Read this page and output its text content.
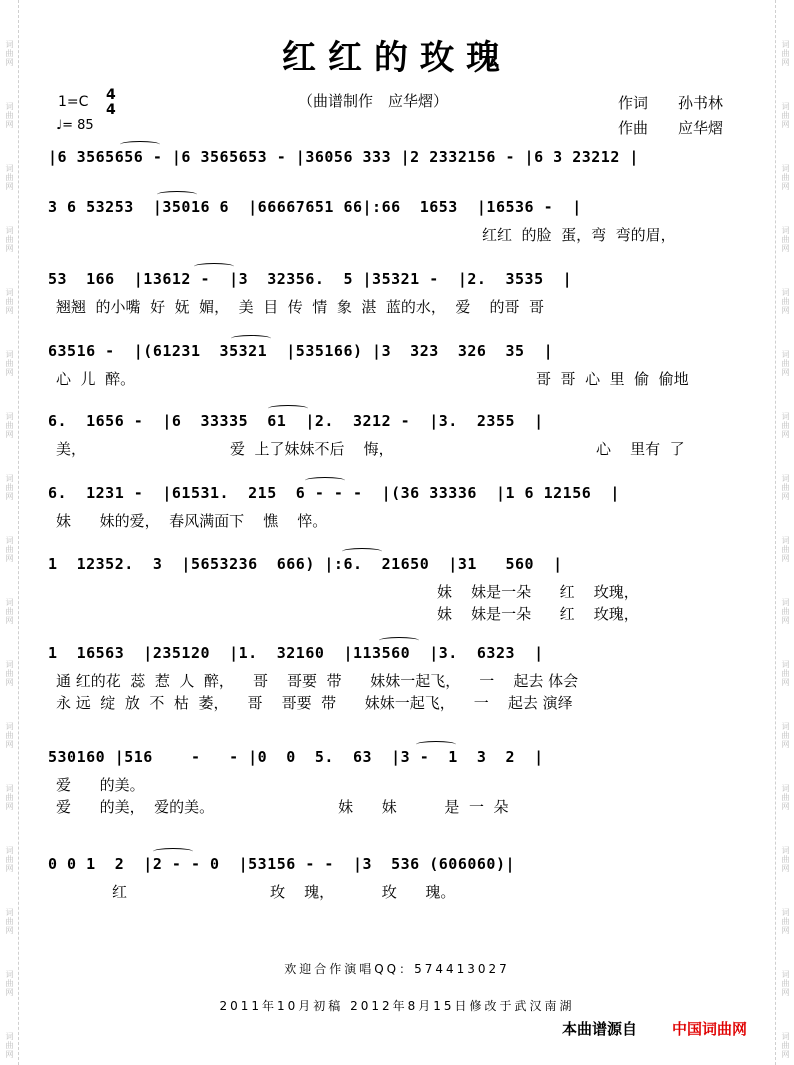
词曲网	词曲网
词曲网	词曲网
词曲网	词曲网
词曲网	词曲网
词曲网	词曲网
词曲网	词曲网
词曲网	词曲网
词曲网	词曲网
词曲网	词曲网
词曲网	词曲网
词曲网	词曲网
词曲网	词曲网
词曲网	词曲网
词曲网	词曲网
词曲网	词曲网
词曲网	词曲网
词曲网	词曲网
红红的玫瑰
（曲谱制作　应华熠）
1=C 4
4
♩= 85
作词 孙书林
作曲 应华熠
|6 3565656 - |6 3565653 - |36056 333 |2 2332156 - |6 3 23212 |
3 6 53253  |35016 6  |66667651 66|:66  1653  |16536 -  |
红红  的脸  蛋，弯  弯的眉，
53  166  |13612 -  |3  32356.  5 |35321 -  |2.  3535  |
翘翘  的小嘴  好  妩  媚，  美  目  传  情  象  湛  蓝的水，  爱    的哥  哥
63516 -  |(61231  35321  |535166) |3  323  326  35  |
心  儿  醉。	哥  哥  心  里  偷  偷地
6.  1656 -  |6  33335  61  |2.  3212 -  |3.  2355  |
美，	爱  上了妹妹不后    悔，	心    里有  了
6.  1231 -  |61531.  215  6 - - -  |(36 33336  |1 6 12156  |
妹      妹的爱，  春风满面下    憔    悴。
1  12352.  3  |5653236  666) |:6.  21650  |31   560  |
妹    妹是一朵      红    玫瑰，
妹    妹是一朵      红    玫瑰，
1  16563  |235120  |1.  32160  |113560  |3.  6323  |
通 红的花  蕊  惹  人  醉，    哥    哥要  带      妹妹一起飞，    一    起去 体会
永 远  绽  放  不  枯  萎，    哥    哥要  带      妹妹一起飞，    一    起去 演绎
530160 |516    -   - |0  0  5.  63  |3 -  1  3  2  |
爱      的美。
爱      的美，  爱的美。                          妹      妹          是  一  朵
0 0 1  2  |2 - - 0  |53156 - -  |3  536 (606060)|
红                              玫    瑰，          玫      瑰。
欢迎合作演唱QQ：574413027
2011年10月初稿 2012年8月15日修改于武汉南湖
本曲谱源自 中国词曲网
